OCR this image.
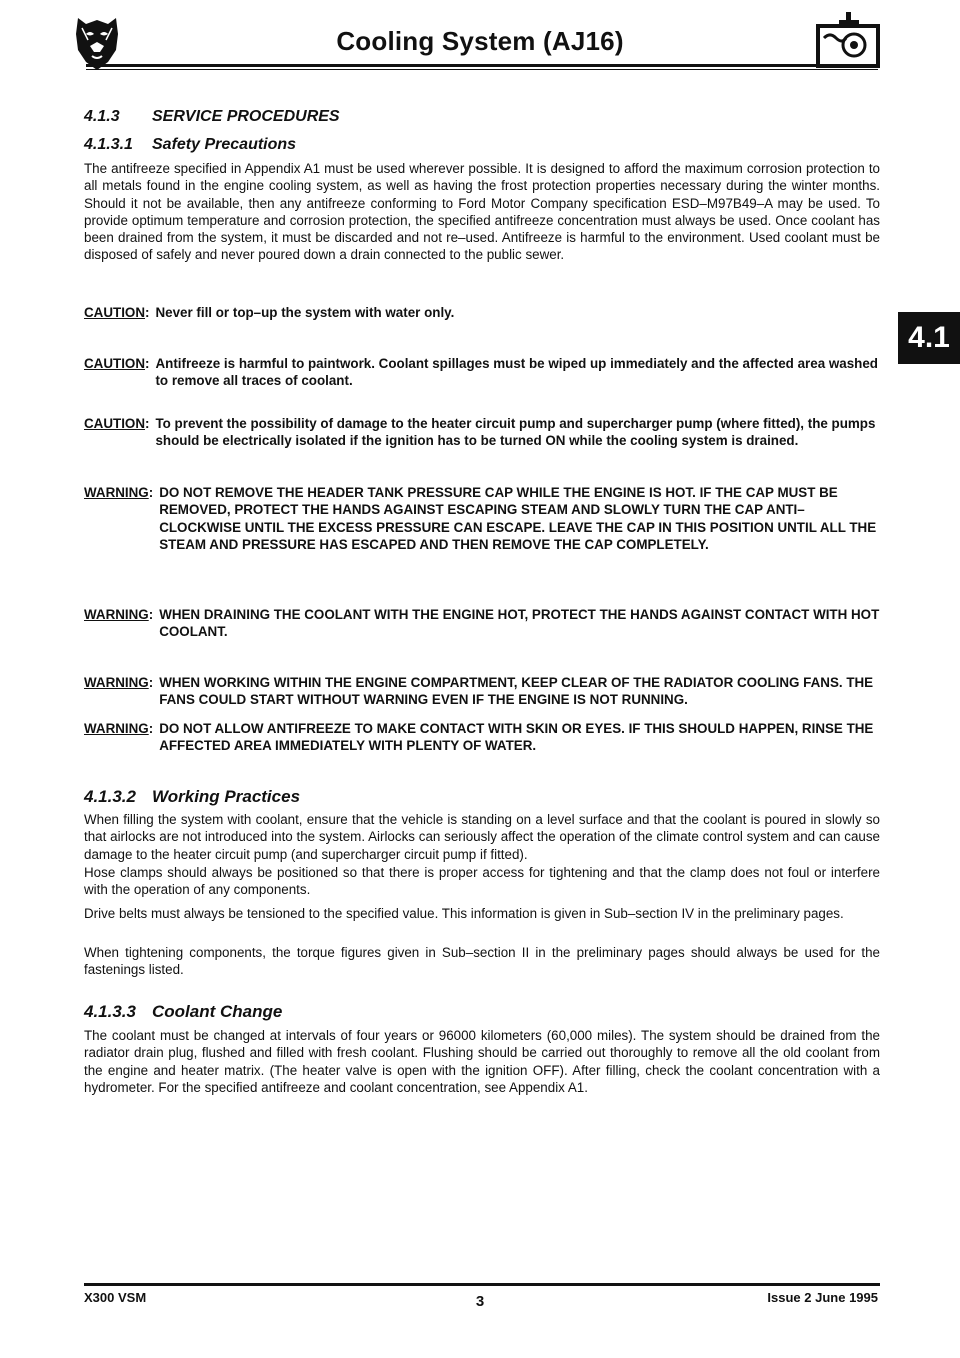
Cooling System (AJ16)
4.1
4.1.3 SERVICE PROCEDURES
4.1.3.1 Safety Precautions
The antifreeze specified in Appendix A1 must be used wherever possible. It is designed to afford the maximum corrosion protection to all metals found in the engine cooling system, as well as having the frost protection properties necessary during the winter months. Should it not be available, then any antifreeze conforming to Ford Motor Company specification ESD–M97B49–A may be used. To provide optimum temperature and corrosion protection, the specified antifreeze concentration must always be used. Once coolant has been drained from the system, it must be discarded and not re–used. Antifreeze is harmful to the environment. Used coolant must be disposed of safely and never poured down a drain connected to the public sewer.
CAUTION : Never fill or top–up the system with water only.
CAUTION : Antifreeze is harmful to paintwork. Coolant spillages must be wiped up immediately and the affected area washed to remove all traces of coolant.
CAUTION : To prevent the possibility of damage to the heater circuit pump and supercharger pump (where fitted), the pumps should be electrically isolated if the ignition has to be turned ON while the cooling system is drained.
WARNING : DO NOT REMOVE THE HEADER TANK PRESSURE CAP WHILE THE ENGINE IS HOT. IF THE CAP MUST BE REMOVED, PROTECT THE HANDS AGAINST ESCAPING STEAM AND SLOWLY TURN THE CAP ANTI–CLOCKWISE UNTIL THE EXCESS PRESSURE CAN ESCAPE. LEAVE THE CAP IN THIS POSITION UNTIL ALL THE STEAM AND PRESSURE HAS ESCAPED AND THEN REMOVE THE CAP COMPLETELY.
WARNING : WHEN DRAINING THE COOLANT WITH THE ENGINE HOT, PROTECT THE HANDS AGAINST CONTACT WITH HOT COOLANT.
WARNING : WHEN WORKING WITHIN THE ENGINE COMPARTMENT, KEEP CLEAR OF THE RADIATOR COOLING FANS. THE FANS COULD START WITHOUT WARNING EVEN IF THE ENGINE IS NOT RUNNING.
WARNING : DO NOT ALLOW ANTIFREEZE TO MAKE CONTACT WITH SKIN OR EYES. IF THIS SHOULD HAPPEN, RINSE THE AFFECTED AREA IMMEDIATELY WITH PLENTY OF WATER.
4.1.3.2 Working Practices
When filling the system with coolant, ensure that the vehicle is standing on a level surface and that the coolant is poured in slowly so that airlocks are not introduced into the system. Airlocks can seriously affect the operation of the climate control system and can cause damage to the heater circuit pump (and supercharger circuit pump if fitted).
Hose clamps should always be positioned so that there is proper access for tightening and that the clamp does not foul or interfere with the operation of any components.
Drive belts must always be tensioned to the specified value. This information is given in Sub–section IV in the preliminary pages.
When tightening components, the torque figures given in Sub–section II in the preliminary pages should always be used for the fastenings listed.
4.1.3.3 Coolant Change
The coolant must be changed at intervals of four years or 96000 kilometers (60,000 miles). The system should be drained from the radiator drain plug, flushed and filled with fresh coolant. Flushing should be carried out thoroughly to remove all the old coolant from the engine and heater matrix. (The heater valve is open with the ignition OFF). After filling, check the coolant concentration with a hydrometer. For the specified antifreeze and coolant concentration, see Appendix A1.
X300 VSM	3	Issue 2 June 1995
